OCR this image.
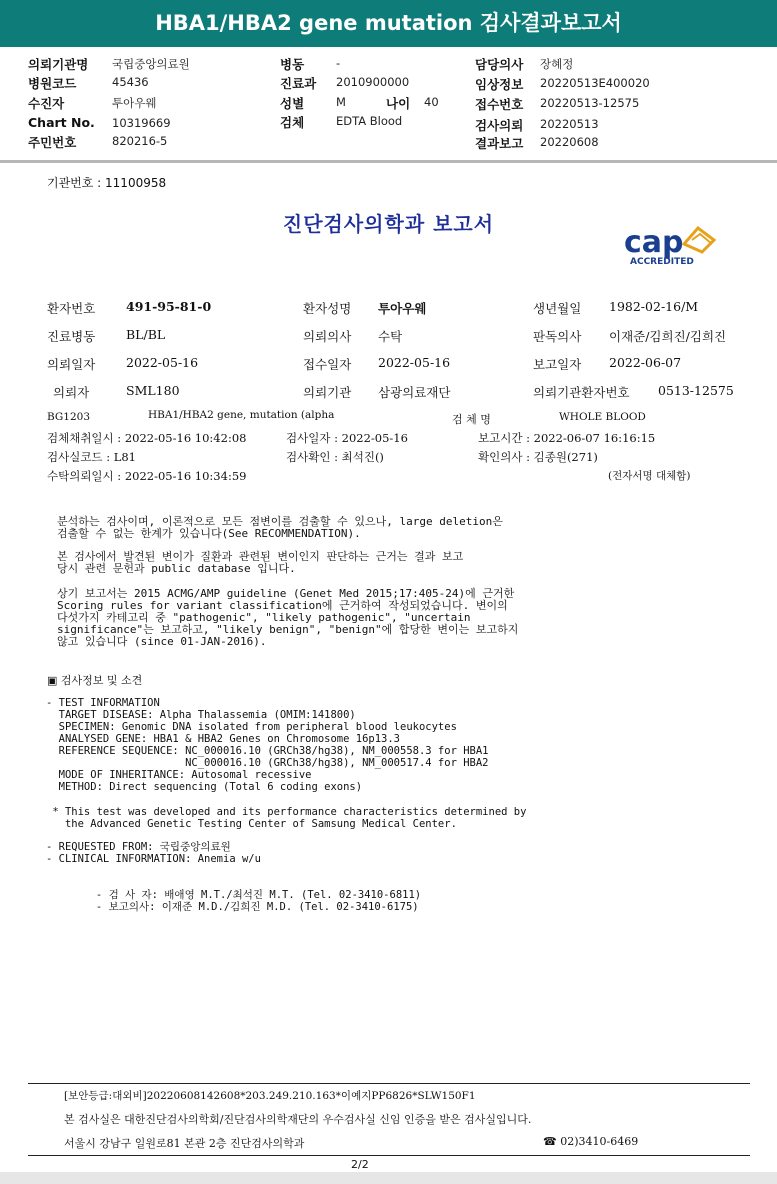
HBA1/HBA2 gene mutation 검사결과보고서
의뢰기관명 국립중앙의료원
병원코드	45436
수진자	투아우웨
Chart No. 10319669
주민번호	820216-5
병동	-
진료과 2010900000
성별	M	나이 40
검체	EDTA Blood
담당의사 장혜정
임상정보 20220513E400020
접수번호 20220513-12575
검사의뢰 20220513
결과보고 20220608
기관번호 : 11100958
진단검사의학과 보고서
cap
ACCREDITED
환자번호 491-95-81-0	환자성명 투아우웨	생년월일 1982-02-16/M
진료병동 BL/BL	의뢰의사 수탁	판독의사 이재준/김희진/김희진
의뢰일자 2022-05-16	접수일자 2022-05-16	보고일자 2022-06-07
의뢰자	SML180	의뢰기관 삼광의료재단	의뢰기관환자번호 0513-12575
BG1203	HBA1/HBA2 gene, mutation (alpha	검 체 명	WHOLE BLOOD
검체채취일시 : 2022-05-16 10:42:08	검사일자 : 2022-05-16	보고시간 : 2022-06-07 16:16:15
검사실코드 : L81	검사확인 : 최석진()	확인의사 : 김종원(271)
수탁의뢰일시 : 2022-05-16 10:34:59	(전자서명 대체함)
분석하는 검사이며, 이론적으로 모든 점변이를 검출할 수 있으나, large deletion은
검출할 수 없는 한계가 있습니다(See RECOMMENDATION).
본 검사에서 발견된 변이가 질환과 관련된 변이인지 판단하는 근거는 결과 보고
당시 관련 문헌과 public database 입니다.
상기 보고서는 2015 ACMG/AMP guideline (Genet Med 2015;17:405-24)에 근거한
Scoring rules for variant classification에 근거하여 작성되었습니다. 변이의
다섯가지 카테고리 중 "pathogenic", "likely pathogenic", "uncertain
significance"는 보고하고, "likely benign", "benign"에 합당한 변이는 보고하지
않고 있습니다 (since 01-JAN-2016).
▣ 검사정보 및 소견
- TEST INFORMATION
TARGET DISEASE: Alpha Thalassemia (OMIM:141800)
SPECIMEN: Genomic DNA isolated from peripheral blood leukocytes
ANALYSED GENE: HBA1 & HBA2 Genes on Chromosome 16p13.3
REFERENCE SEQUENCE: NC_000016.10 (GRCh38/hg38), NM_000558.3 for HBA1
NC_000016.10 (GRCh38/hg38), NM_000517.4 for HBA2
MODE OF INHERITANCE: Autosomal recessive
METHOD: Direct sequencing (Total 6 coding exons)
* This test was developed and its performance characteristics determined by
the Advanced Genetic Testing Center of Samsung Medical Center.
- REQUESTED FROM: 국립중앙의료원
- CLINICAL INFORMATION: Anemia w/u
- 검 사 자: 배애영 M.T./최석진 M.T. (Tel. 02-3410-6811)
- 보고의사: 이재준 M.D./김희진 M.D. (Tel. 02-3410-6175)
[보안등급:대외비]20220608142608*203.249.210.163*이예지PP6826*SLW150F1
본 검사실은 대한진단검사의학회/진단검사의학재단의 우수검사실 신임 인증을 받은 검사실입니다.
서울시 강남구 일원로81 본관 2층 진단검사의학과	☎ 02)3410-6469
2/2
